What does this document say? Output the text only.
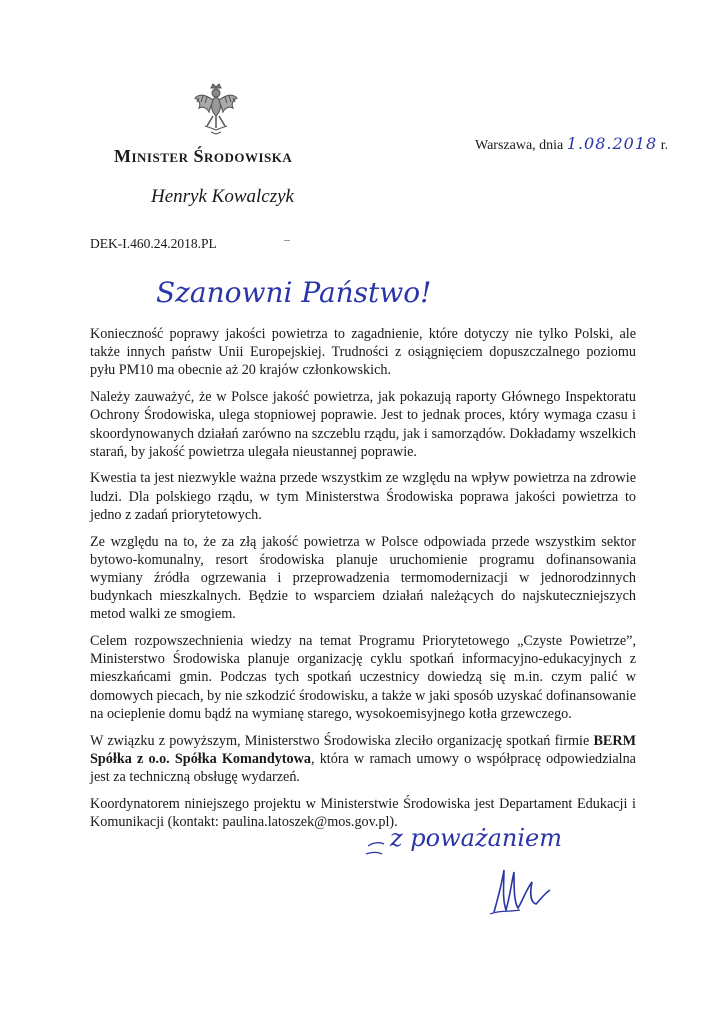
Warszawa, dnia 1.08.2018 r.
Minister Środowiska
Henryk Kowalczyk
DEK-I.460.24.2018.PL
Szanowni Państwo!

Konieczność poprawy jakości powietrza to zagadnienie, które dotyczy nie tylko Polski, ale także innych państw Unii Europejskiej. Trudności z osiągnięciem dopuszczalnego poziomu pyłu PM10 ma obecnie aż 20 krajów członkowskich.

Należy zauważyć, że w Polsce jakość powietrza, jak pokazują raporty Głównego Inspektoratu Ochrony Środowiska, ulega stopniowej poprawie. Jest to jednak proces, który wymaga czasu i skoordynowanych działań zarówno na szczeblu rządu, jak i samorządów. Dokładamy wszelkich starań, by jakość powietrza ulegała nieustannej poprawie.

Kwestia ta jest niezwykle ważna przede wszystkim ze względu na wpływ powietrza na zdrowie ludzi. Dla polskiego rządu, w tym Ministerstwa Środowiska poprawa jakości powietrza to jedno z zadań priorytetowych.

Ze względu na to, że za złą jakość powietrza w Polsce odpowiada przede wszystkim sektor bytowo-komunalny, resort środowiska planuje uruchomienie programu dofinansowania wymiany źródła ogrzewania i przeprowadzenia termomodernizacji w jednorodzinnych budynkach mieszkalnych. Będzie to wsparciem działań należących do najskuteczniejszych metod walki ze smogiem.

Celem rozpowszechnienia wiedzy na temat Programu Priorytetowego „Czyste Powietrze”, Ministerstwo Środowiska planuje organizację cyklu spotkań informacyjno-edukacyjnych z mieszkańcami gmin. Podczas tych spotkań uczestnicy dowiedzą się m.in. czym palić w domowych piecach, by nie szkodzić środowisku, a także w jaki sposób uzyskać dofinansowanie na ocieplenie domu bądź na wymianę starego, wysokoemisyjnego kotła grzewczego.

W związku z powyższym, Ministerstwo Środowiska zleciło organizację spotkań firmie BERM Spółka z o.o. Spółka Komandytowa, która w ramach umowy o współpracę odpowiedzialna jest za techniczną obsługę wydarzeń.

Koordynatorem niniejszego projektu w Ministerstwie Środowiska jest Departament Edukacji i Komunikacji (kontakt: paulina.latoszek@mos.gov.pl).

z poważaniem
